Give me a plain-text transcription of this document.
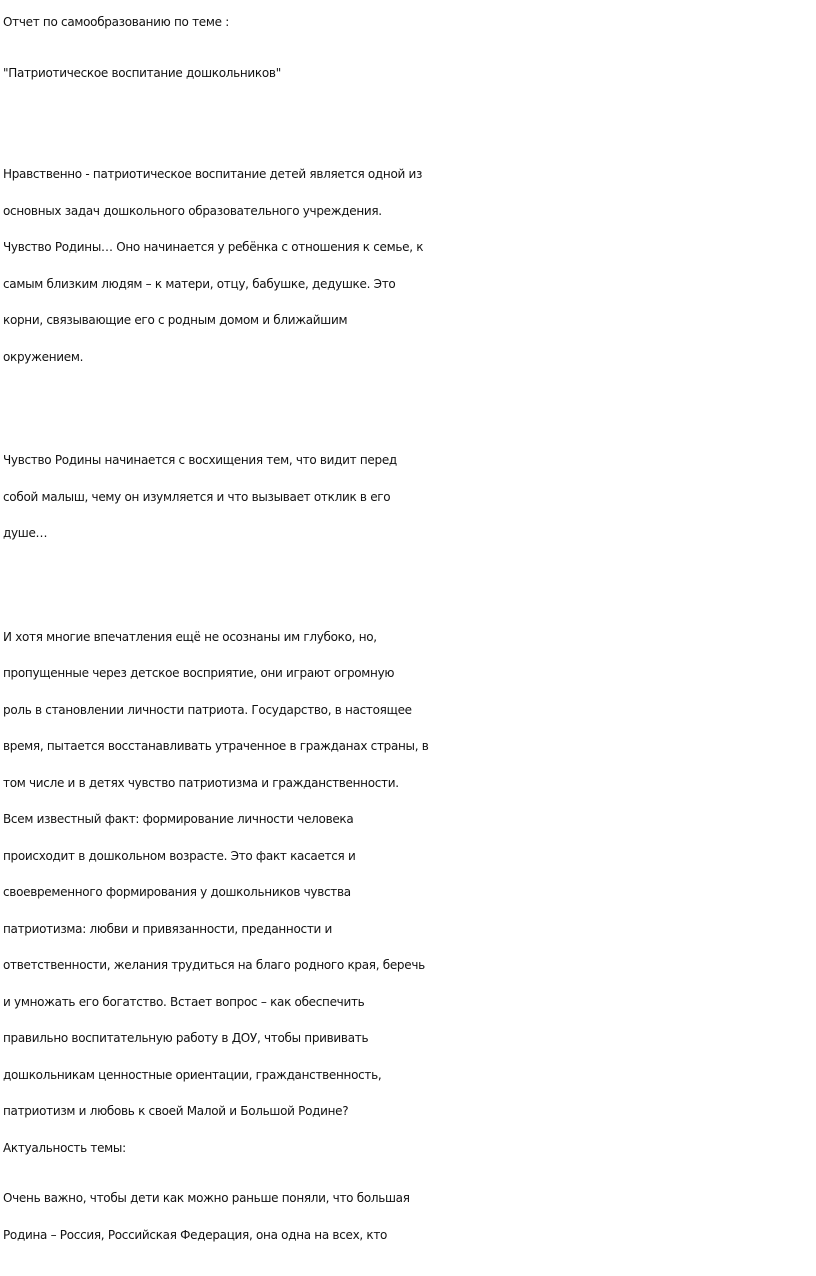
Отчет по самообразованию по теме :

"Патриотическое воспитание дошкольников"

Нравственно - патриотическое воспитание детей является одной из
основных задач дошкольного образовательного учреждения.
Чувство Родины… Оно начинается у ребёнка с отношения к семье, к
самым близким людям – к матери, отцу, бабушке, дедушке. Это
корни, связывающие его с родным домом и ближайшим
окружением.

Чувство Родины начинается с восхищения тем, что видит перед
собой малыш, чему он изумляется и что вызывает отклик в его
душе…

И хотя многие впечатления ещё не осознаны им глубоко, но,
пропущенные через детское восприятие, они играют огромную
роль в становлении личности патриота. Государство, в настоящее
время, пытается восстанавливать утраченное в гражданах страны, в
том числе и в детях чувство патриотизма и гражданственности.
Всем известный факт: формирование личности человека
происходит в дошкольном возрасте. Это факт касается и
своевременного формирования у дошкольников чувства
патриотизма: любви и привязанности, преданности и
ответственности, желания трудиться на благо родного края, беречь
и умножать его богатство. Встает вопрос – как обеспечить
правильно воспитательную работу в ДОУ, чтобы прививать
дошкольникам ценностные ориентации, гражданственность,
патриотизм и любовь к своей Малой и Большой Родине?
Актуальность темы:

Очень важно, чтобы дети как можно раньше поняли, что большая
Родина – Россия, Российская Федерация, она одна на всех, кто
